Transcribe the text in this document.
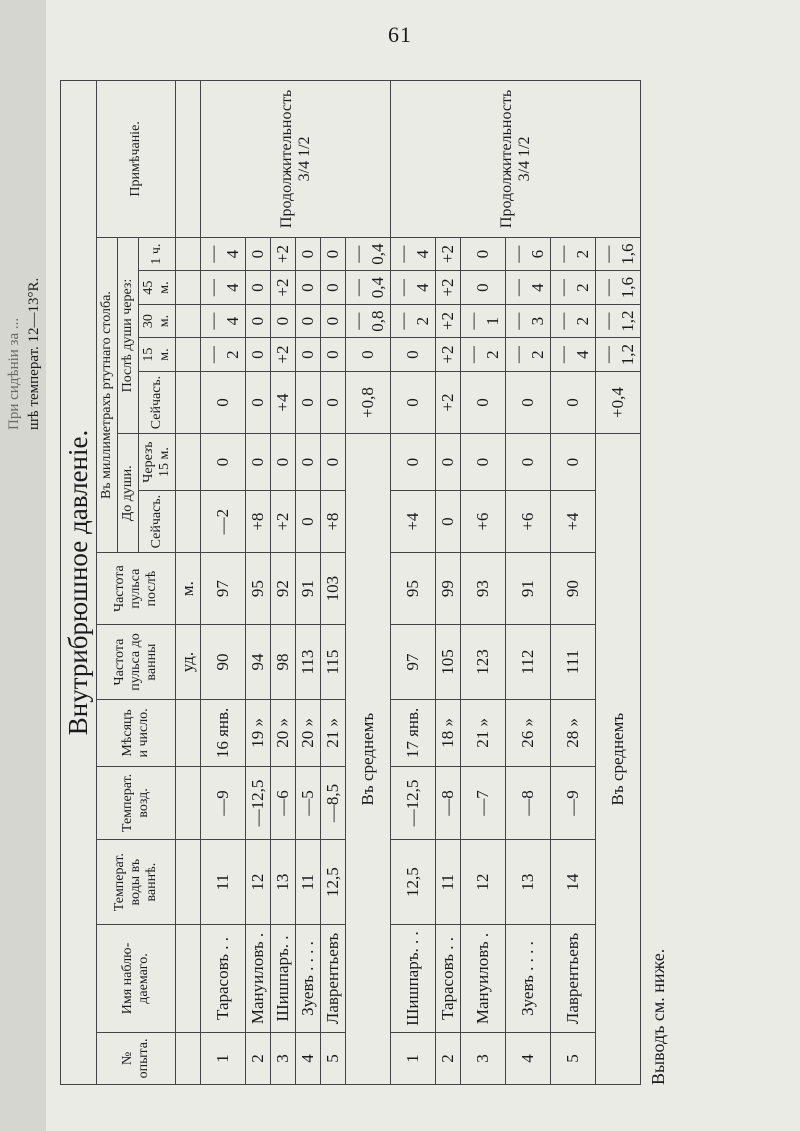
При сидѣніи за ... шѣ температ. 12—13°R.
61
Внутрибрюшное давленіе.														
№ опыта.	Имя наблюдаемаго.	Температ. воды въ ваннѣ.	Температ. возд.	Мѣсяцъ и число.	Частота пульса до ванны	Частота пульса послѣ	Въ миллиметрахъ ртутнаго столба.							Примѣчаніе.
							До души.		Послѣ души через:					
							Сейчасъ.	Черезъ 15 м.	Сейчасъ.	15 м.	30 м.	45 м.	1 ч.	
					уд.	м.								
1	Тарасовъ . .	11	—9	16 янв.	90	97	—2	0	0	—2	—4	—4	—4	Продолжительность 3/4 1/2
2	Мануиловъ .	12	—12,5	19 »	94	95	+8	0	0	0	0	0	0	
3	Шишпаръ. .	13	—6	20 »	98	92	+2	0	+4	+2	0	+2	+2	
4	Зуевъ . . . .	11	—5	20 »	113	91	0	0	0	0	0	0	0	
5	Лаврентьевъ	12,5	—8,5	21 »	115	103	+8	0	0	0	0	0	0	
Въ среднемъ									+0,8	0	—0,8	—0,4	—0,4	
1	Шишпаръ. . .	12,5	—12,5	17 янв.	97	95	+4	0	0	0	—2	—4	—4	Продолжительность 3/4 1/2
2	Тарасовъ . .	11	—8	18 »	105	99	0	0	+2	+2	+2	+2	+2	
3	Мануиловъ .	12	—7	21 »	123	93	+6	0	0	—2	—1	0	0	
4	Зуевъ . . . .	13	—8	26 »	112	91	+6	0	0	—2	—3	—4	—6	
5	Лаврентьевъ	14	—9	28 »	111	90	+4	0	0	—4	—2	—2	—2	
Въ среднемъ									+0,4	—1,2	—1,2	—1,6	—1,6	
Выводъ см. ниже.
